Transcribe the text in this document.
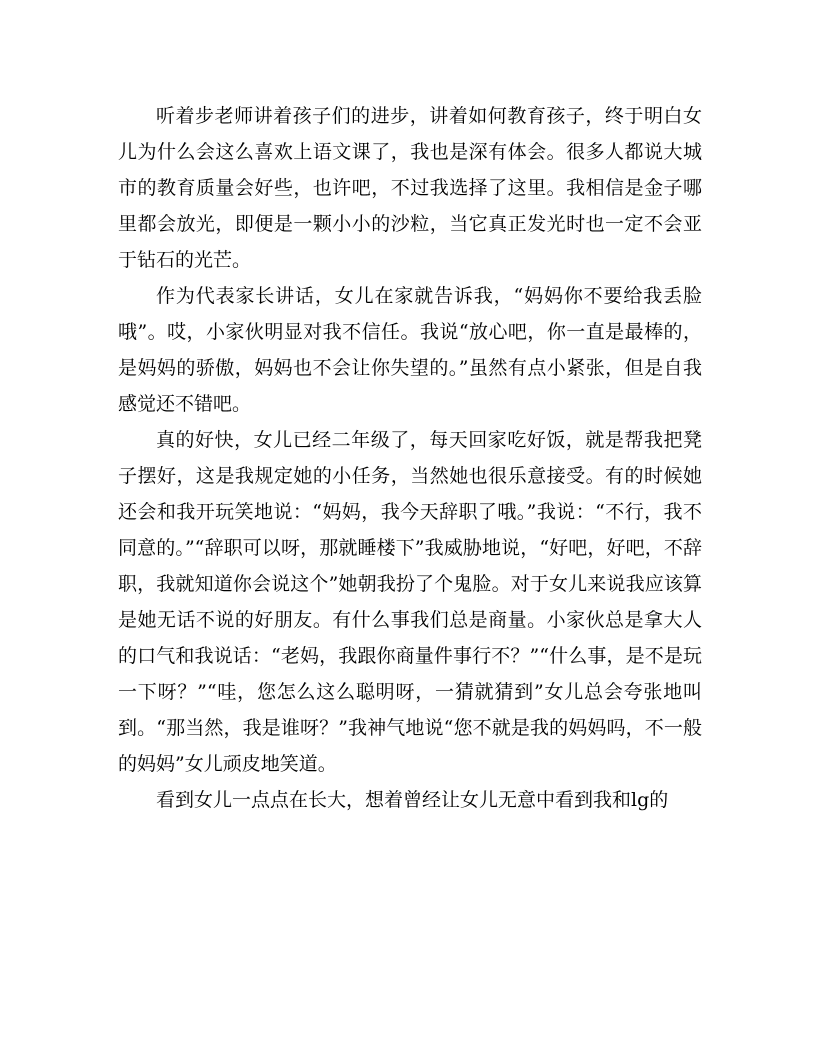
听着步老师讲着孩子们的进步，讲着如何教育孩子，终于明白女儿为什么会这么喜欢上语文课了，我也是深有体会。很多人都说大城市的教育质量会好些，也许吧，不过我选择了这里。我相信是金子哪里都会放光，即便是一颗小小的沙粒，当它真正发光时也一定不会亚于钻石的光芒。

作为代表家长讲话，女儿在家就告诉我，“妈妈你不要给我丢脸哦”。哎，小家伙明显对我不信任。我说“放心吧，你一直是最棒的，是妈妈的骄傲，妈妈也不会让你失望的。”虽然有点小紧张，但是自我感觉还不错吧。

真的好快，女儿已经二年级了，每天回家吃好饭，就是帮我把凳子摆好，这是我规定她的小任务，当然她也很乐意接受。有的时候她还会和我开玩笑地说：“妈妈，我今天辞职了哦。”我说：“不行，我不同意的。”“辞职可以呀，那就睡楼下”我威胁地说，“好吧，好吧，不辞职，我就知道你会说这个”她朝我扮了个鬼脸。对于女儿来说我应该算是她无话不说的好朋友。有什么事我们总是商量。小家伙总是拿大人的口气和我说话：“老妈，我跟你商量件事行不？”“什么事，是不是玩一下呀？”“哇，您怎么这么聪明呀，一猜就猜到”女儿总会夸张地叫到。“那当然，我是谁呀？”我神气地说“您不就是我的妈妈吗，不一般的妈妈”女儿顽皮地笑道。

看到女儿一点点在长大，想着曾经让女儿无意中看到我和lg的
